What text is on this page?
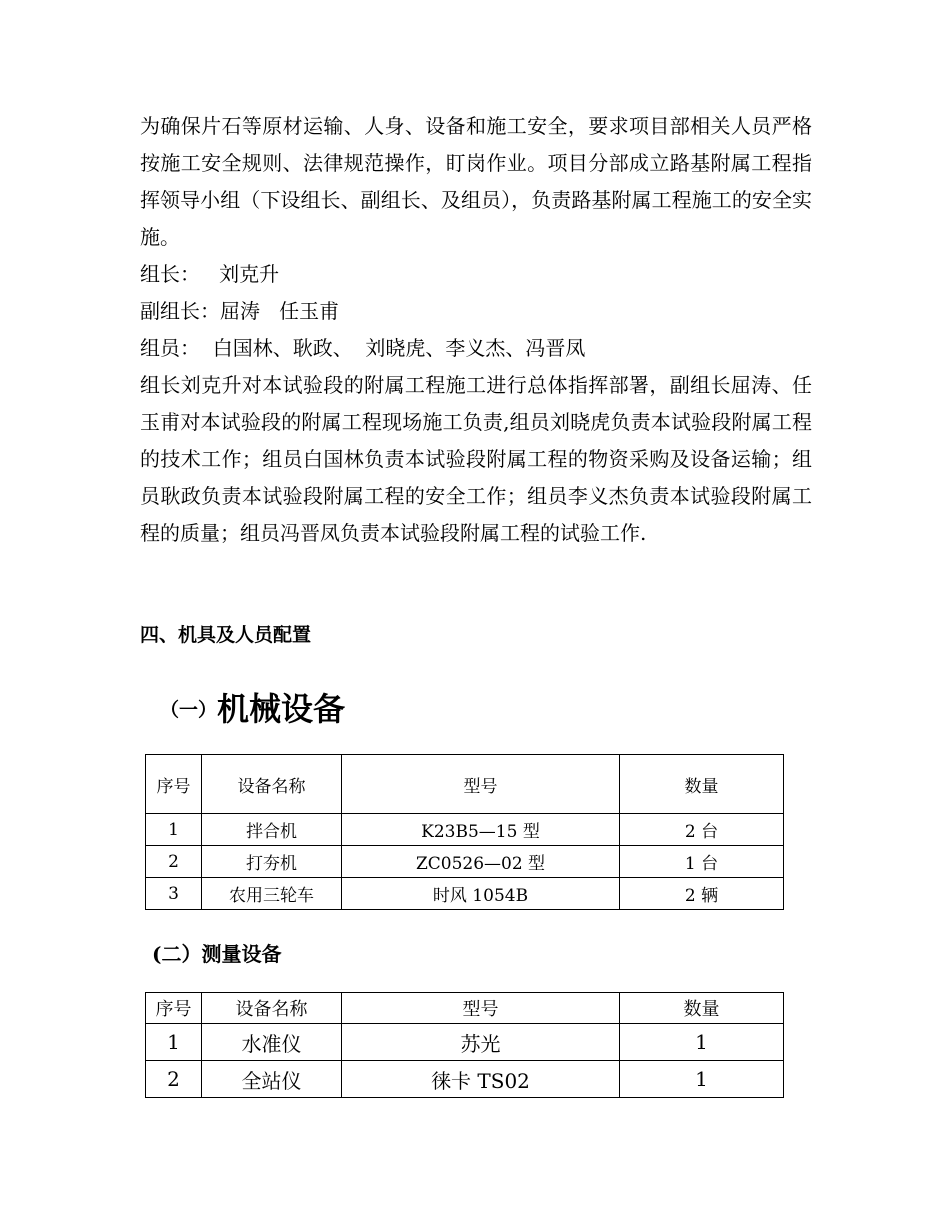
为确保片石等原材运输、人身、设备和施工安全，要求项目部相关人员严格按施工安全规则、法律规范操作，盯岗作业。项目分部成立路基附属工程指挥领导小组（下设组长、副组长、及组员），负责路基附属工程施工的安全实施。

组长：   刘克升

副组长：屈涛   任玉甫

组员：  白国林、耿政、  刘晓虎、李义杰、冯晋凤

组长刘克升对本试验段的附属工程施工进行总体指挥部署，副组长屈涛、任玉甫对本试验段的附属工程现场施工负责,组员刘晓虎负责本试验段附属工程的技术工作；组员白国林负责本试验段附属工程的物资采购及设备运输；组员耿政负责本试验段附属工程的安全工作；组员李义杰负责本试验段附属工程的质量；组员冯晋凤负责本试验段附属工程的试验工作.

四、机具及人员配置
（一）机械设备
序号	设备名称	型号	数量
1	拌合机	K23B5—15 型	2 台
2	打夯机	ZC0526—02 型	1 台
3	农用三轮车	时风 1054B	2 辆
(二）测量设备
序号	设备名称	型号	数量
1	水准仪	苏光	1
2	全站仪	徕卡 TS02	1
